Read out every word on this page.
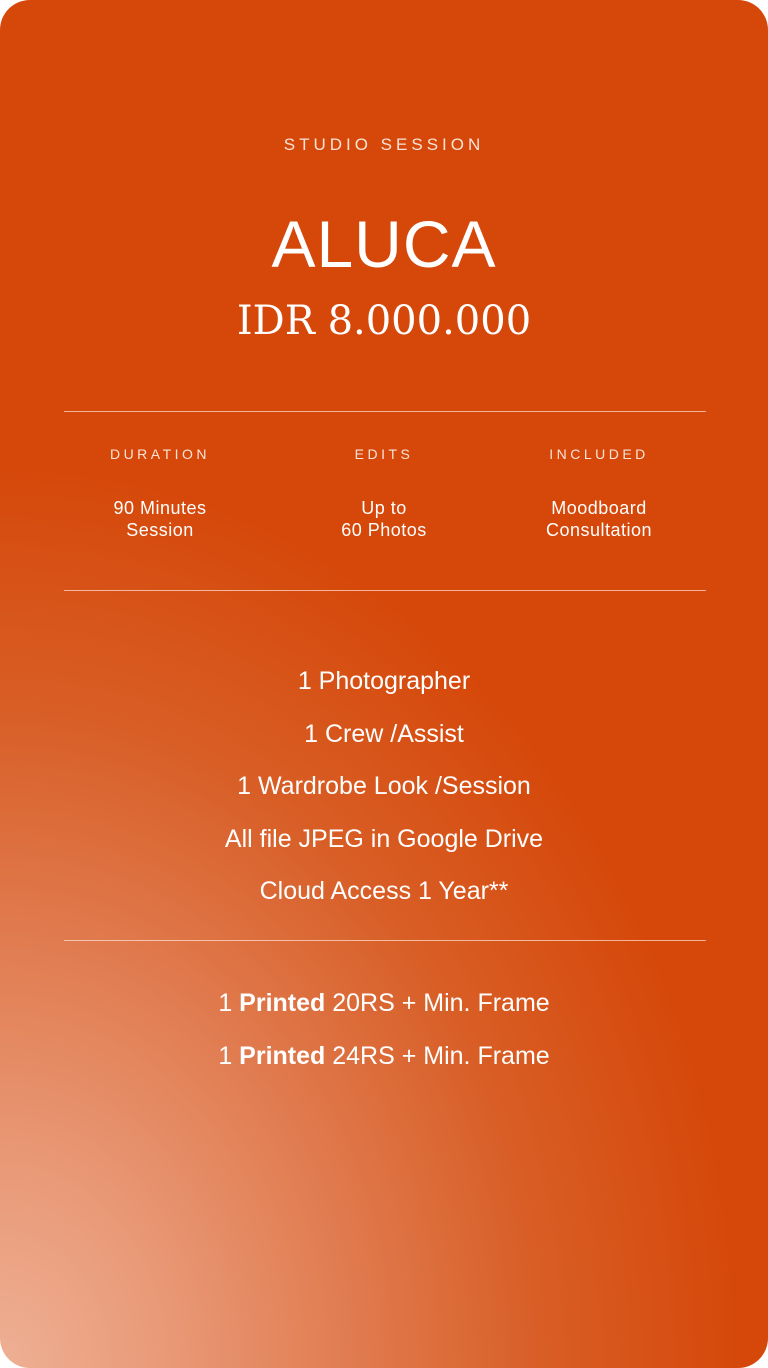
STUDIO SESSION
ALUCA
IDR 8.000.000
DURATION
90 Minutes
Session
EDITS
Up to
60 Photos
INCLUDED
Moodboard
Consultation
1 Photographer
1 Crew /Assist
1 Wardrobe Look /Session
All file JPEG in Google Drive
Cloud Access 1 Year**
1 Printed 20RS + Min. Frame
1 Printed 24RS + Min. Frame
